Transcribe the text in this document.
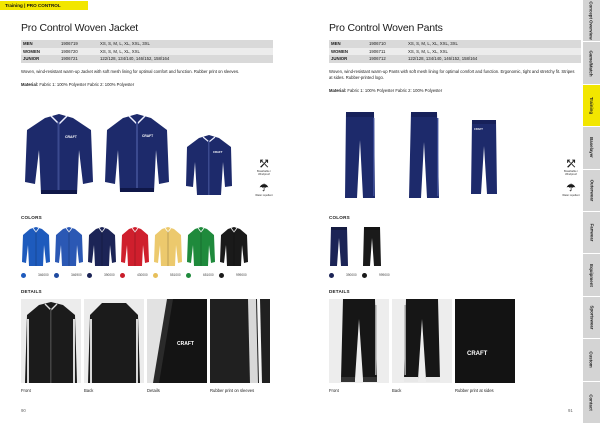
Training | PRO CONTROL
Pro Control Woven Jacket
MEN	1906719	XS, S, M, L, XL, XXL, 3XL
WOMEN	1906720	XS, S, M, L, XL, XXL
JUNIOR	1906721	122/128, 134/140, 146/152, 158/164

Woven, wind-resistant warm-up Jacket with soft mesh lining for optimal comfort and function. Rubber print on sleeves.

Material: Fabric 1: 100% Polyester Fabric 2: 100% Polyester

CRAFT	CRAFT
CRAFT
⤱
Breathable / Windproof
☂
Water repellent
COLORS
346000	346900	390000	430000	551000	651000	999000
DETAILS
Front	Back
CRAFT
Details	Rubber print on sleeves
90
Pro Control Woven Pants
MEN	1906710	XS, S, M, L, XL, XXL, 3XL
WOMEN	1906711	XS, S, M, L, XL, XXL
JUNIOR	1906712	122/128, 134/140, 146/152, 158/164

Woven, wind-resistant warm-up Pants with soft mesh lining for optimal comfort and function. Ergonomic, tight and stretchy fit. Stripes at sides. Rubber-printed logo.

Material: Fabric 1: 100% Polyester Fabric 2: 100% Polyester

CRAFT
⤱
Breathable / Windproof
☂
Water repellent
COLORS
390000	999000
DETAILS
Front	Back
CRAFT
Rubber print at sides
91
Concept Overview
Game/Match
Training
Baselayer
Outerwear
Fanwear
Equipment
Sportswear
Custom
Contact
